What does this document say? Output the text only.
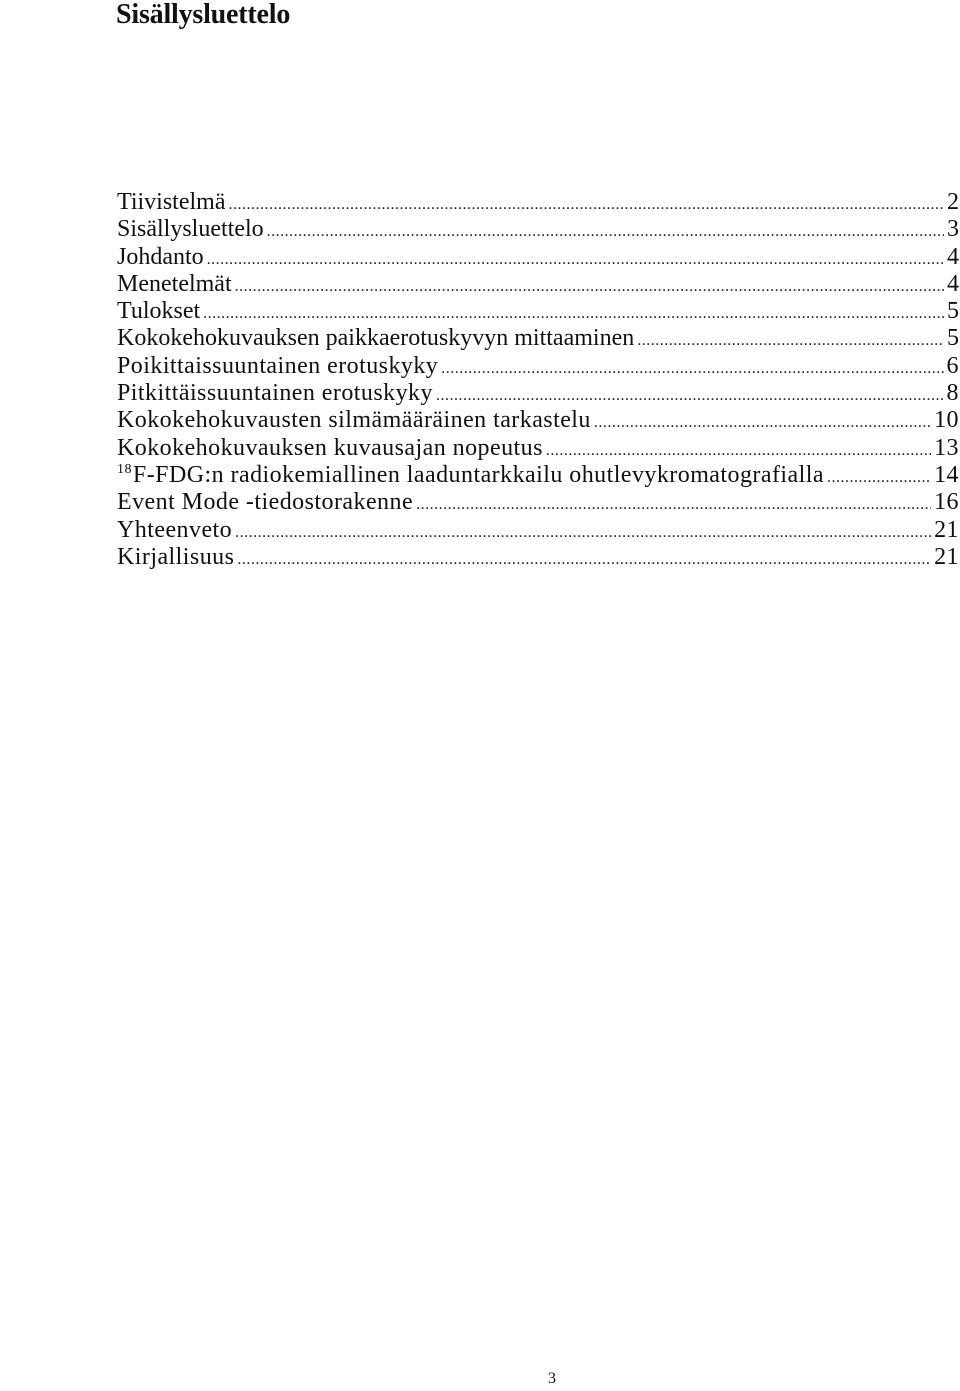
Sisällysluettelo
Tiivistelmä .....	2
Sisällysluettelo .....	3
Johdanto .....	4
Menetelmät .....	4
Tulokset .....	5
Kokokehokuvauksen paikkaerotuskyvyn mittaaminen .....	5
Poikittaissuuntainen erotuskyky .....	6
Pitkittäissuuntainen erotuskyky .....	8
Kokokehokuvausten silmämääräinen tarkastelu .....	10
Kokokehokuvauksen kuvausajan nopeutus .....	13
$^{18}$F-FDG:n radiokemiallinen laaduntarkkailu ohutlevykromatografialla .....	14
Event Mode -tiedostorakenne .....	16
Yhteenveto .....	21
Kirjallisuus .....	21
3
